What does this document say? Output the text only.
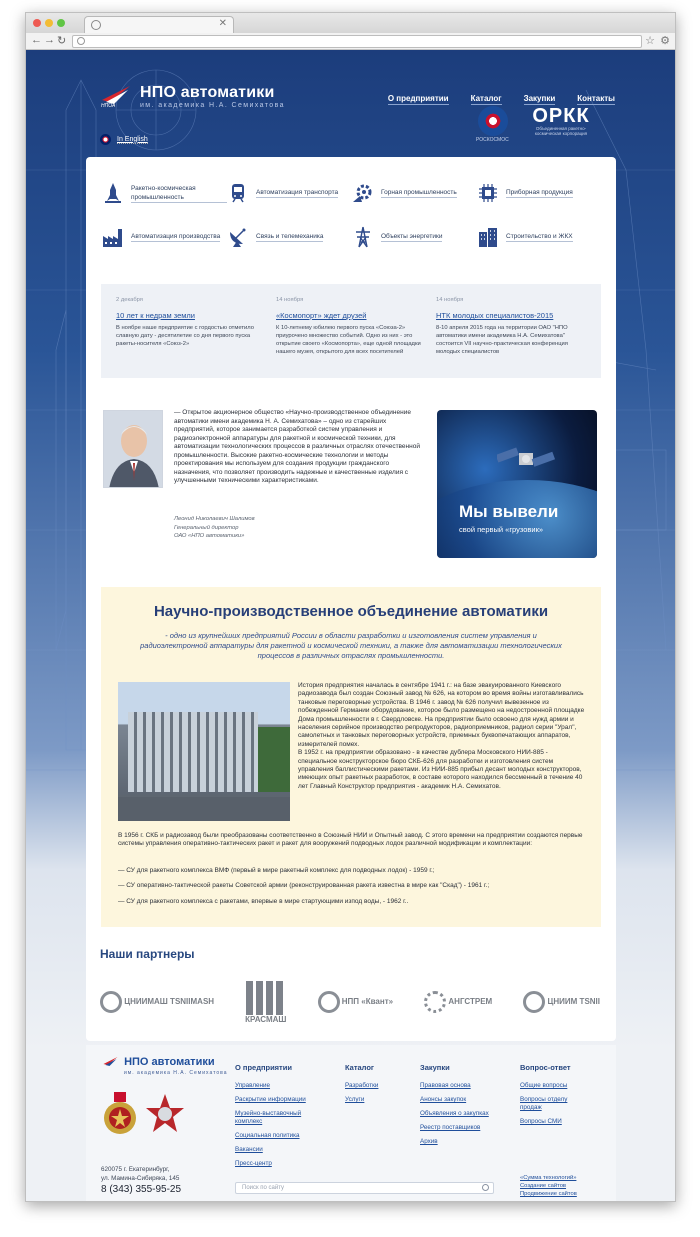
✕
← → ↻	☆ ⚙
НПОА
НПО автоматики
им. академика Н.А. Семихатова
О предприятии	Каталог	Закупки	Контакты
In English	РОСКОСМОС
ОРКК
Объединенная ракетно-космическая корпорация
Ракетно-космическая промышленность
Автоматизация транспорта	Горная промышленность	Приборная продукция
Автоматизация производства	Связь и телемеханика	Объекты энергетики	Строительство и ЖКХ
2 декабря
10 лет к недрам земли
В ноябре наше предприятие с гордостью отметило славную дату - десятилетие со дня первого пуска ракеты-носителя «Союз-2»
14 ноября
«Космопорт» ждет друзей
К 10-летнему юбилею первого пуска «Союза-2» приурочено множество событий. Одно из них - это открытие своего «Космопорта», еще одной площадки нашего музея, открытого для всех посетителей
14 ноября
НТК молодых специалистов-2015
8-10 апреля 2015 года на территории ОАО "НПО автоматики имени академика Н.А. Семихатова" состоится VII научно-практическая конференция молодых специалистов
— Открытое акционерное общество «Научно-производственное объединение автоматики имени академика Н. А. Семихатова» – одно из старейших предприятий, которое занимается разработкой систем управления и радиоэлектронной аппаратуры для ракетной и космической техники, для автоматизации технологических процессов в различных отраслях отечественной промышленности. Высокие ракетно-космические технологии и методы проектирования мы используем для создания продукции гражданского назначения, что позволяет производить надежные и качественные изделия с улучшенными техническими характеристиками.
Леонид Николаевич Шалимов
Генеральный директор
ОАО «НПО автоматики»
Мы вывели
свой первый «грузовик»
Научно-производственное объединение автоматики
- одно из крупнейших предприятий России в области разработки и изготовления систем управления и радиоэлектронной аппаратуры для ракетной и космической техники, а также для автоматизации технологических процессов в различных отраслях промышленности.
История предприятия началась в сентябре 1941 г.: на базе эвакуированного Киевского радиозавода был создан Союзный завод № 626, на котором во время войны изготавливались танковые переговорные устройства. В 1946 г. завод № 626 получил вывезенное из побежденной Германии оборудование, которое было размещено на недостроенной площадке Дома промышленности в г. Свердловске. На предприятии было освоено для нужд армии и населения серийное производство репродукторов, радиоприемников, радиол серии "Урал", самолетных и танковых переговорных устройств, приемных буквопечатающих аппаратов, измерителей помех.
В 1952 г. на предприятии образовано - в качестве дублера Московского НИИ-885 - специальное конструкторское бюро СКБ-626 для разработки и изготовления систем управления баллистическими ракетами. Из НИИ-885 прибыл десант молодых конструкторов, имеющих опыт ракетных разработок, в составе которого находился бессменный в течение 40 лет Главный Конструктор предприятия - академик Н.А. Семихатов.
В 1956 г. СКБ и радиозавод были преобразованы соответственно в Союзный НИИ и Опытный завод. С этого времени на предприятии создаются первые системы управления оперативно-тактических ракет и ракет для вооружений подводных лодок различной модификации и комплектации:
— СУ для ракетного комплекса ВМФ (первый в мире ракетный комплекс для подводных лодок) - 1959 г.;
— СУ оперативно-тактической ракеты Советской армии (реконструированная ракета известна в мире как "Скад") - 1961 г.;
— СУ для ракетного комплекса с ракетами, впервые в мире стартующими изпод воды, - 1962 г..
Наши партнеры
ЦНИИМАШ TSNIIMASH
КРАСМАШ
НПП «Квант»	АНГСТРЕМ	ЦНИИМ TSNII
НПО автоматики
им. академика Н.А. Семихатова
620075 г. Екатеринбург,
ул. Мамина-Сибиряка, 145
8 (343) 355-95-25
О предприятии
Управление
Раскрытие информации
Музейно-выставочный комплекс
Социальная политика
Вакансии
Пресс-центр
Каталог
Разработки
Услуги
Закупки
Правовая основа
Анонсы закупок
Объявления о закупках
Реестр поставщиков
Архив
Вопрос-ответ
Общие вопросы
Вопросы отделу продаж
Вопросы СМИ
Поиск по сайту
«Сумма технологий»
Создание сайтов
Продвижение сайтов
